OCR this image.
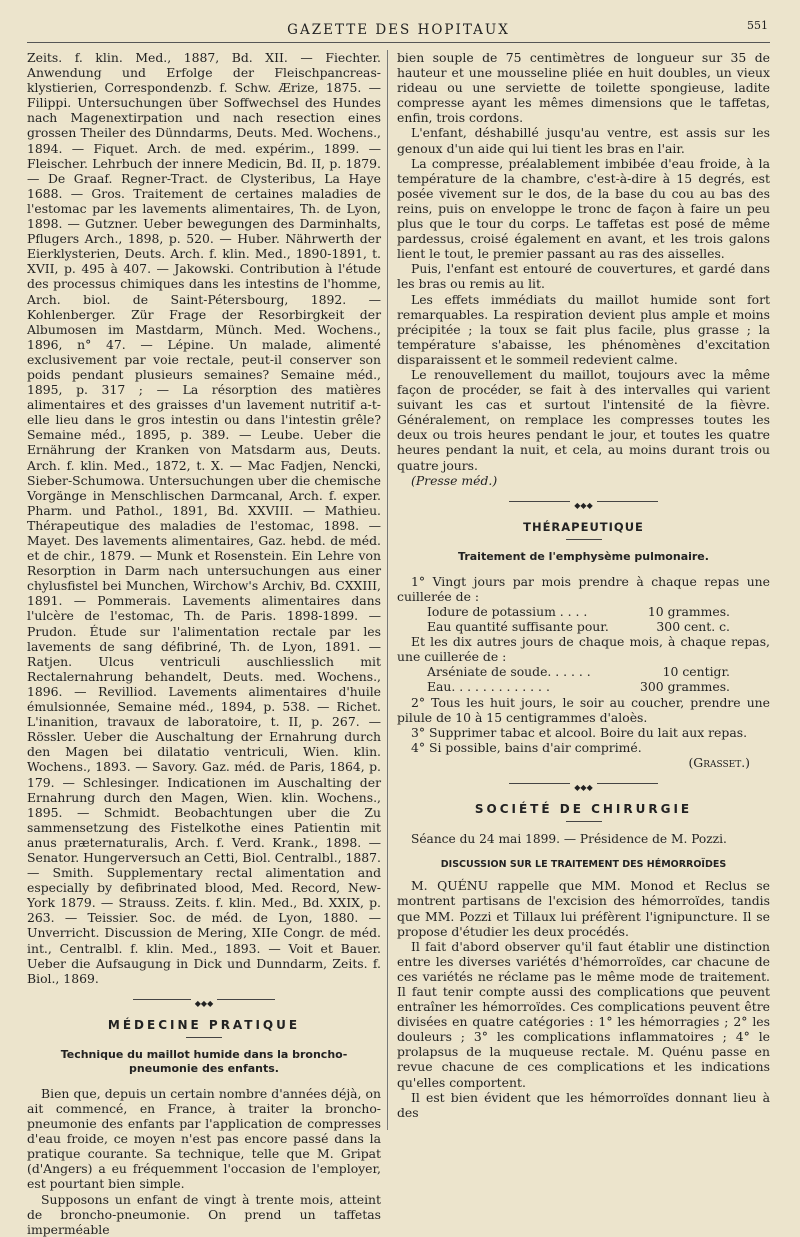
GAZETTE DES HOPITAUX	551

Zeits. f. klin. Med., 1887, Bd. XII. — Fiechter. Anwendung und Erfolge der Fleischpancreas-klystierien, Correspondenzb. f. Schw. Ærize, 1875. — Filippi. Untersuchungen über Soffwechsel des Hundes nach Magenextirpation und nach resection eines grossen Theiler des Dünndarms, Deuts. Med. Wochens., 1894. — Fiquet. Arch. de med. expérim., 1899. — Fleischer. Lehrbuch der innere Medicin, Bd. II, p. 1879. — De Graaf. Regner-Tract. de Clysteribus, La Haye 1688. — Gros. Traitement de certaines maladies de l'estomac par les lavements alimentaires, Th. de Lyon, 1898. — Gutzner. Ueber bewegungen des Darminhalts, Pflugers Arch., 1898, p. 520. — Huber. Nährwerth der Eierklysterien, Deuts. Arch. f. klin. Med., 1890-1891, t. XVII, p. 495 à 407. — Jakowski. Contribution à l'étude des processus chimiques dans les intestins de l'homme, Arch. biol. de Saint-Pétersbourg, 1892. — Kohlenberger. Zür Frage der Resorbirgkeit der Albumosen im Mastdarm, Münch. Med. Wochens., 1896, n° 47. — Lépine. Un malade, alimenté exclusivement par voie rectale, peut-il conserver son poids pendant plusieurs semaines? Semaine méd., 1895, p. 317 ; — La résorption des matières alimentaires et des graisses d'un lavement nutritif a-t-elle lieu dans le gros intestin ou dans l'intestin grêle? Semaine méd., 1895, p. 389. — Leube. Ueber die Ernährung der Kranken von Matsdarm aus, Deuts. Arch. f. klin. Med., 1872, t. X. — Mac Fadjen, Nencki, Sieber-Schumowa. Untersuchungen uber die chemische Vorgänge in Menschlischen Darmcanal, Arch. f. exper. Pharm. und Pathol., 1891, Bd. XXVIII. — Mathieu. Thérapeutique des maladies de l'estomac, 1898. — Mayet. Des lavements alimentaires, Gaz. hebd. de méd. et de chir., 1879. — Munk et Rosenstein. Ein Lehre von Resorption in Darm nach untersuchungen aus einer chylusfistel bei Munchen, Wirchow's Archiv, Bd. CXXIII, 1891. — Pommerais. Lavements alimentaires dans l'ulcère de l'estomac, Th. de Paris. 1898-1899. — Prudon. Étude sur l'alimentation rectale par les lavements de sang défibriné, Th. de Lyon, 1891. — Ratjen. Ulcus ventriculi auschliesslich mit Rectalernahrung behandelt, Deuts. med. Wochens., 1896. — Revilliod. Lavements alimentaires d'huile émulsionnée, Semaine méd., 1894, p. 538. — Richet. L'inanition, travaux de laboratoire, t. II, p. 267. — Rössler. Ueber die Auschaltung der Ernahrung durch den Magen bei dilatatio ventriculi, Wien. klin. Wochens., 1893. — Savory. Gaz. méd. de Paris, 1864, p. 179. — Schlesinger. Indicationen im Auschalting der Ernahrung durch den Magen, Wien. klin. Wochens., 1895. — Schmidt. Beobachtungen uber die Zu sammensetzung des Fistelkothe eines Patientin mit anus præternaturalis, Arch. f. Verd. Krank., 1898. — Senator. Hungerversuch an Cetti, Biol. Centralbl., 1887. — Smith. Supplementary rectal alimentation and especially by defibrinated blood, Med. Record, New-York 1879. — Strauss. Zeits. f. klin. Med., Bd. XXIX, p. 263. — Teissier. Soc. de méd. de Lyon, 1880. — Unverricht. Discussion de Mering, XIIe Congr. de méd. int., Centralbl. f. klin. Med., 1893. — Voit et Bauer. Ueber die Aufsaugung in Dick und Dunndarm, Zeits. f. Biol., 1869.

◆◆◆
MÉDECINE PRATIQUE
Technique du maillot humide dans la broncho-pneumonie des enfants.

Bien que, depuis un certain nombre d'années déjà, on ait commencé, en France, à traiter la broncho-pneumonie des enfants par l'application de compresses d'eau froide, ce moyen n'est pas encore passé dans la pratique courante. Sa technique, telle que M. Gripat (d'Angers) a eu fréquemment l'occasion de l'employer, est pourtant bien simple.

Supposons un enfant de vingt à trente mois, atteint de broncho-pneumonie. On prend un taffetas imperméable

bien souple de 75 centimètres de longueur sur 35 de hauteur et une mousseline pliée en huit doubles, un vieux rideau ou une serviette de toilette spongieuse, ladite compresse ayant les mêmes dimensions que le taffetas, enfin, trois cordons.

L'enfant, déshabillé jusqu'au ventre, est assis sur les genoux d'un aide qui lui tient les bras en l'air.

La compresse, préalablement imbibée d'eau froide, à la température de la chambre, c'est-à-dire à 15 degrés, est posée vivement sur le dos, de la base du cou au bas des reins, puis on enveloppe le tronc de façon à faire un peu plus que le tour du corps. Le taffetas est posé de même pardessus, croisé également en avant, et les trois galons lient le tout, le premier passant au ras des aisselles.

Puis, l'enfant est entouré de couvertures, et gardé dans les bras ou remis au lit.

Les effets immédiats du maillot humide sont fort remarquables. La respiration devient plus ample et moins précipitée ; la toux se fait plus facile, plus grasse ; la température s'abaisse, les phénomènes d'excitation disparaissent et le sommeil redevient calme.

Le renouvellement du maillot, toujours avec la même façon de procéder, se fait à des intervalles qui varient suivant les cas et surtout l'intensité de la fièvre. Généralement, on remplace les compresses toutes les deux ou trois heures pendant le jour, et toutes les quatre heures pendant la nuit, et cela, au moins durant trois ou quatre jours.

(Presse méd.)

◆◆◆
THÉRAPEUTIQUE
Traitement de l'emphysème pulmonaire.

1° Vingt jours par mois prendre à chaque repas une cuillerée de :

Iodure de potassium . . . .	10 grammes.
Eau quantité suffisante pour.	300 cent. c.

Et les dix autres jours de chaque mois, à chaque repas, une cuillerée de :

Arséniate de soude. . . . . .	10 centigr.
Eau. . . . . . . . . . . . .	300 grammes.

2° Tous les huit jours, le soir au coucher, prendre une pilule de 10 à 15 centigrammes d'aloès.

3° Supprimer tabac et alcool. Boire du lait aux repas.

4° Si possible, bains d'air comprimé.

(Grasset.)

◆◆◆
SOCIÉTÉ DE CHIRURGIE

Séance du 24 mai 1899. — Présidence de M. Pozzi.

DISCUSSION SUR LE TRAITEMENT DES HÉMORROÏDES

M. QUÉNU rappelle que MM. Monod et Reclus se montrent partisans de l'excision des hémorroïdes, tandis que MM. Pozzi et Tillaux lui préfèrent l'ignipuncture. Il se propose d'étudier les deux procédés.

Il fait d'abord observer qu'il faut établir une distinction entre les diverses variétés d'hémorroïdes, car chacune de ces variétés ne réclame pas le même mode de traitement. Il faut tenir compte aussi des complications que peuvent entraîner les hémorroïdes. Ces complications peuvent être divisées en quatre catégories : 1° les hémorragies ; 2° les douleurs ; 3° les complications inflammatoires ; 4° le prolapsus de la muqueuse rectale. M. Quénu passe en revue chacune de ces complications et les indications qu'elles comportent.

Il est bien évident que les hémorroïdes donnant lieu à des
